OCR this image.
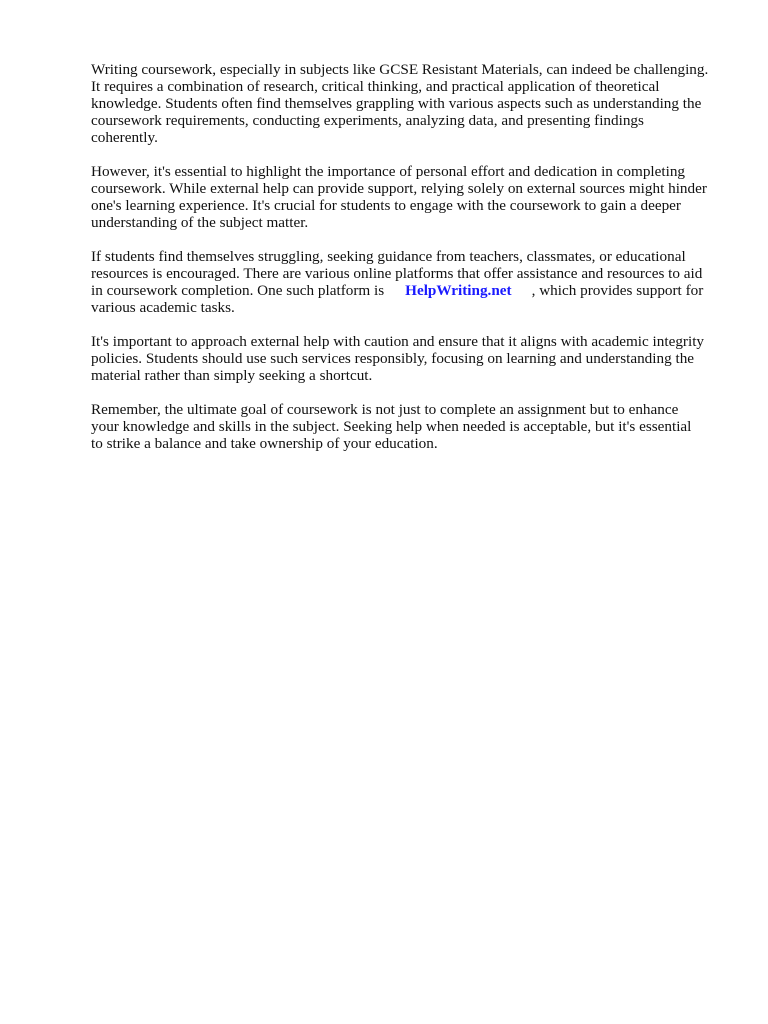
Writing coursework, especially in subjects like GCSE Resistant Materials, can indeed be challenging.
It requires a combination of research, critical thinking, and practical application of theoretical
knowledge. Students often find themselves grappling with various aspects such as understanding the
coursework requirements, conducting experiments, analyzing data, and presenting findings
coherently.

However, it's essential to highlight the importance of personal effort and dedication in completing
coursework. While external help can provide support, relying solely on external sources might hinder
one's learning experience. It's crucial for students to engage with the coursework to gain a deeper
understanding of the subject matter.

If students find themselves struggling, seeking guidance from teachers, classmates, or educational
resources is encouraged. There are various online platforms that offer assistance and resources to aid
in coursework completion. One such platform is HelpWriting.net , which provides support for
various academic tasks.

It's important to approach external help with caution and ensure that it aligns with academic integrity
policies. Students should use such services responsibly, focusing on learning and understanding the
material rather than simply seeking a shortcut.

Remember, the ultimate goal of coursework is not just to complete an assignment but to enhance
your knowledge and skills in the subject. Seeking help when needed is acceptable, but it's essential
to strike a balance and take ownership of your education.
